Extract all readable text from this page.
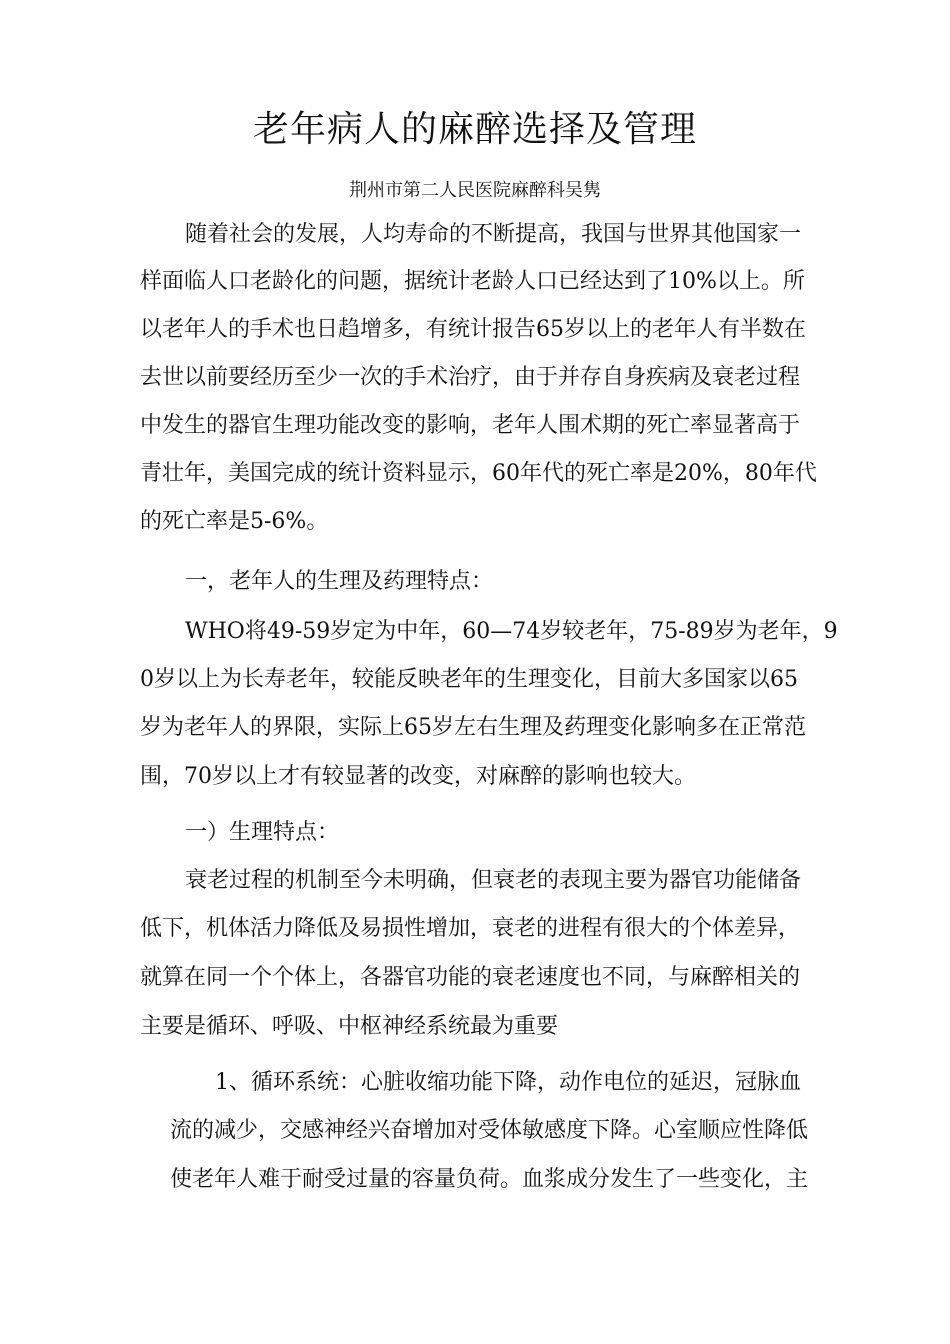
老年病人的麻醉选择及管理

荆州市第二人民医院麻醉科吴隽

随着社会的发展，人均寿命的不断提高，我国与世界其他国家一

样面临人口老龄化的问题，据统计老龄人口已经达到了10%以上。所

以老年人的手术也日趋增多，有统计报告65岁以上的老年人有半数在

去世以前要经历至少一次的手术治疗，由于并存自身疾病及衰老过程

中发生的器官生理功能改变的影响，老年人围术期的死亡率显著高于

青壮年，美国完成的统计资料显示，60年代的死亡率是20%，80年代

的死亡率是5-6%。

一，老年人的生理及药理特点：

WHO将49-59岁定为中年，60—74岁较老年，75-89岁为老年，9

0岁以上为长寿老年，较能反映老年的生理变化，目前大多国家以65

岁为老年人的界限，实际上65岁左右生理及药理变化影响多在正常范

围，70岁以上才有较显著的改变，对麻醉的影响也较大。

一）生理特点：

衰老过程的机制至今未明确，但衰老的表现主要为器官功能储备

低下，机体活力降低及易损性增加，衰老的进程有很大的个体差异，

就算在同一个个体上，各器官功能的衰老速度也不同，与麻醉相关的

主要是循环、呼吸、中枢神经系统最为重要

1、循环系统：心脏收缩功能下降，动作电位的延迟，冠脉血

流的减少，交感神经兴奋增加对受体敏感度下降。心室顺应性降低

使老年人难于耐受过量的容量负荷。血浆成分发生了一些变化，主
